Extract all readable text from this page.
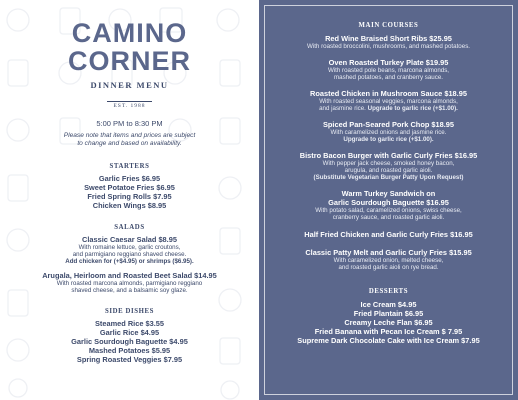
CAMINO
CORNER
DINNER MENU
EST. 1988
5:00 PM to 8:30 PM
Please note that items and prices are subject
to change and based on availability.
STARTERS
Garlic Fries $6.95
Sweet Potatoe Fries $6.95
Fried Spring Rolls $7.95
Chicken Wings $8.95
SALADS
Classic Caesar Salad $8.95
With romaine lettuce, garlic croutons,
and parmigiano reggiano shaved cheese.
Add chicken for (+$4.95) or shrimps ($6.95).
Arugala, Heirloom and Roasted Beet Salad $14.95
With roasted marcona almonds, parmigiano reggiano
shaved cheese, and a balsamic soy glaze.
SIDE DISHES
Steamed Rice $3.55
Garlic Rice $4.95
Garlic Sourdough Baguette $4.95
Mashed Potatoes $5.95
Spring Roasted Veggies $7.95
MAIN COURSES
Red Wine Braised Short Ribs $25.95
With roasted broccolini, mushrooms, and mashed potatoes.
Oven Roasted Turkey Plate $19.95
With roasted pole beans, marcona almonds,
mashed potatoes, and cranberry sauce.
Roasted Chicken in Mushroom Sauce $18.95
With roasted seasonal veggies, marcona almonds,
and jasmine rice. Upgrade to garlic rice (+$1.00).
Spiced Pan-Seared Pork Chop $18.95
With caramelized onions and jasmine rice.
Upgrade to garlic rice (+$1.00).
Bistro Bacon Burger with Garlic Curly Fries $16.95
With pepper jack cheese, smoked honey bacon,
arugula, and roasted garlic aioli.
(Substitute Vegetarian Burger Patty Upon Request)
Warm Turkey Sandwich on
Garlic Sourdough Baguette $16.95
With potato salad, caramelized onions, swiss cheese,
cranberry sauce, and roasted garlic aioli.
Half Fried Chicken and Garlic Curly Fries $16.95
Classic Patty Melt and Garlic Curly Fries $15.95
With caramelized onion, melted cheese,
and roasted garlic aioli on rye bread.
DESSERTS
Ice Cream $4.95
Fried Plantain $6.95
Creamy Leche Flan $6.95
Fried Banana with Pecan Ice Cream $ 7.95
Supreme Dark Chocolate Cake with Ice Cream $7.95
